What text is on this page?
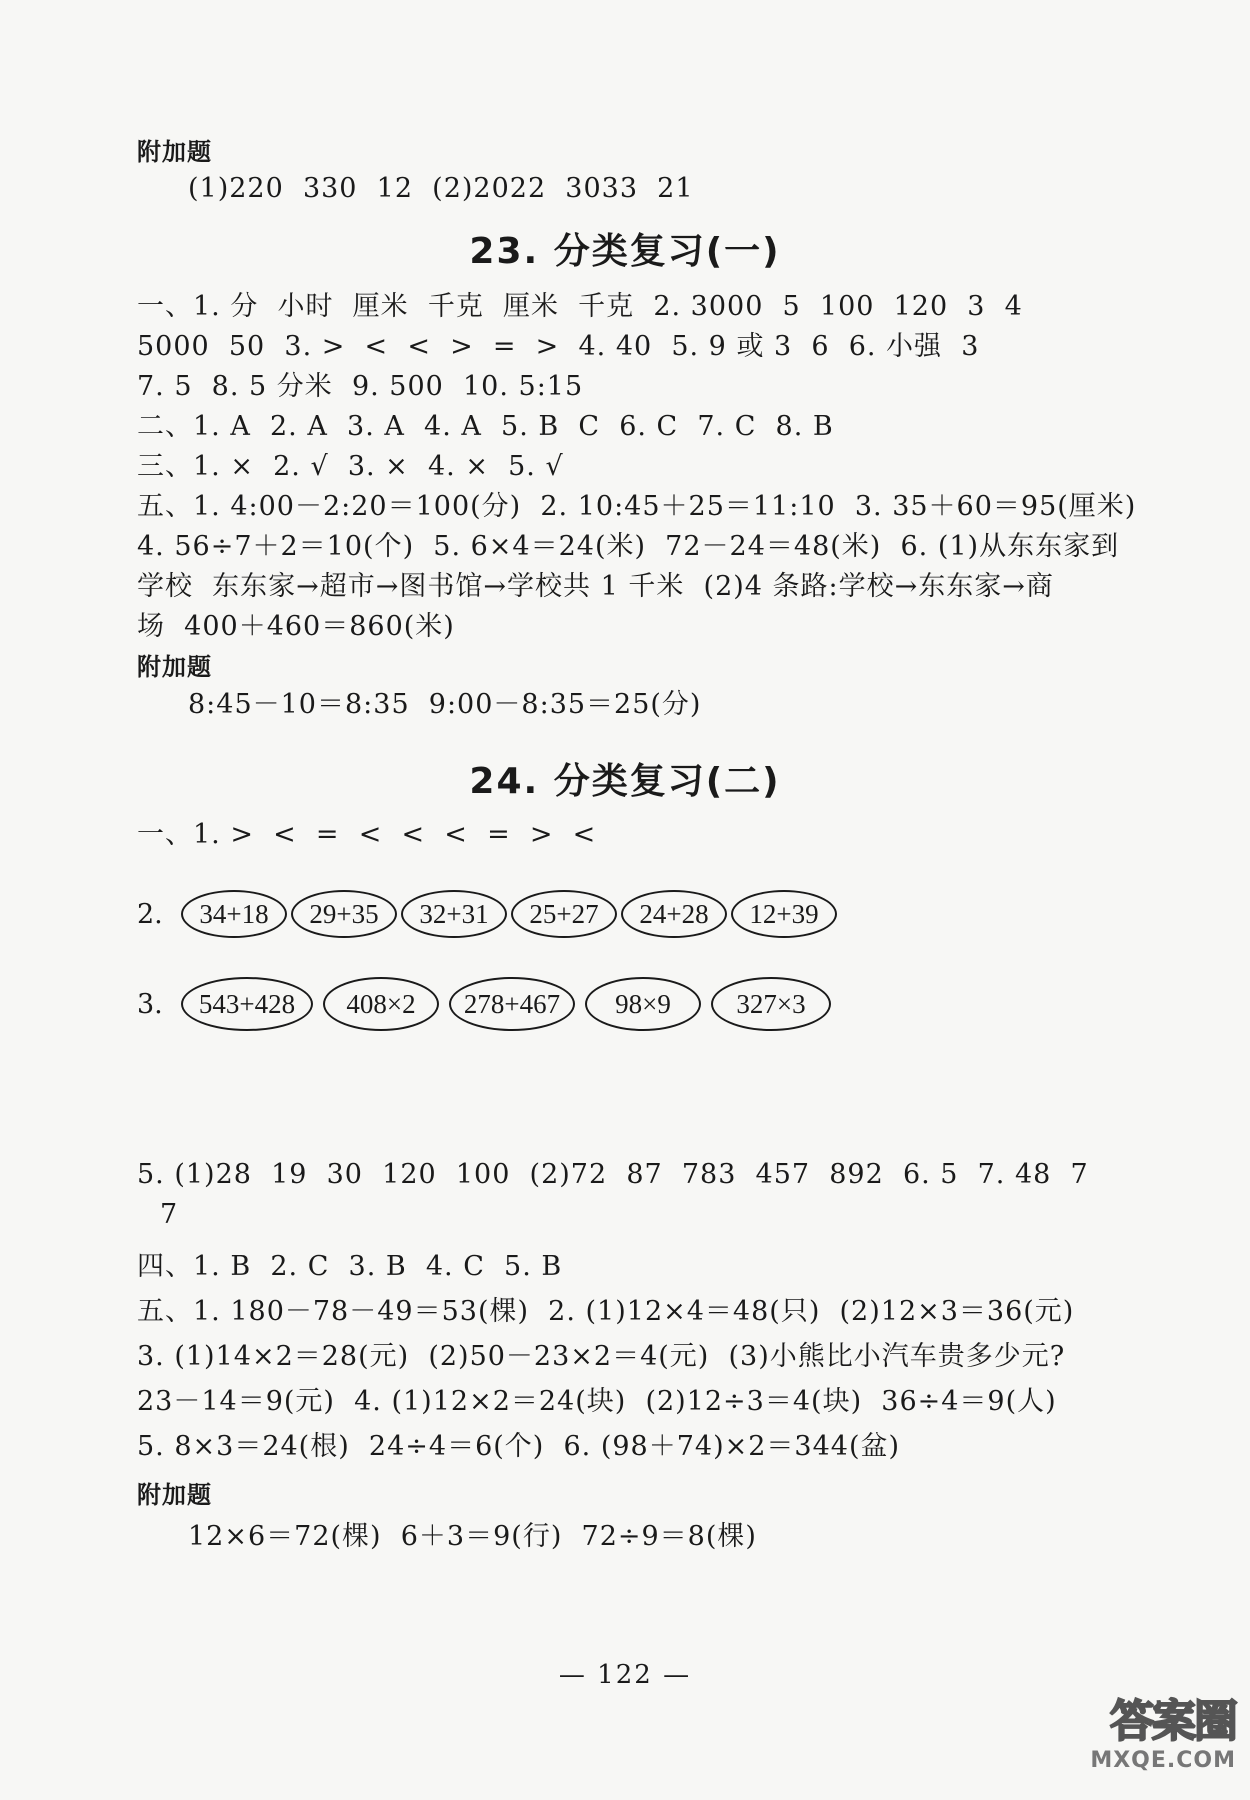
附加题
(1)220  330  12  (2)2022  3033  21
23. 分类复习(一)
一、1. 分  小时  厘米  千克  厘米  千克  2. 3000  5  100  120  3  4
5000  50  3. >  <  <  >  =  >  4. 40  5. 9 或 3  6  6. 小强  3
7. 5  8. 5 分米  9. 500  10. 5:15
二、1. A  2. A  3. A  4. A  5. B  C  6. C  7. C  8. B
三、1. ×  2. √  3. ×  4. ×  5. √
五、1. 4:00－2:20＝100(分)  2. 10:45＋25＝11:10  3. 35＋60＝95(厘米)
4. 56÷7＋2＝10(个)  5. 6×4＝24(米)  72－24＝48(米)  6. (1)从东东家到
学校  东东家→超市→图书馆→学校共 1 千米  (2)4 条路:学校→东东家→商
场  400＋460＝860(米)
附加题
8:45－10＝8:35  9:00－8:35＝25(分)
24. 分类复习(二)
一、1. >  <  =  <  <  <  =  >  <
2.	34+18	29+35	32+31	25+27	24+28	12+39
3.	543+428	408×2	278+467	98×9	327×3
5. (1)28  19  30  120  100  (2)72  87  783  457  892  6. 5  7. 48  7
7
四、1. B  2. C  3. B  4. C  5. B
五、1. 180－78－49＝53(棵)  2. (1)12×4＝48(只)  (2)12×3＝36(元)
3. (1)14×2＝28(元)  (2)50－23×2＝4(元)  (3)小熊比小汽车贵多少元?
23－14＝9(元)  4. (1)12×2＝24(块)  (2)12÷3＝4(块)  36÷4＝9(人)
5. 8×3＝24(根)  24÷4＝6(个)  6. (98＋74)×2＝344(盆)
附加题
12×6＝72(棵)  6＋3＝9(行)  72÷9＝8(棵)
— 122 —
答案圈
MXQE.COM
